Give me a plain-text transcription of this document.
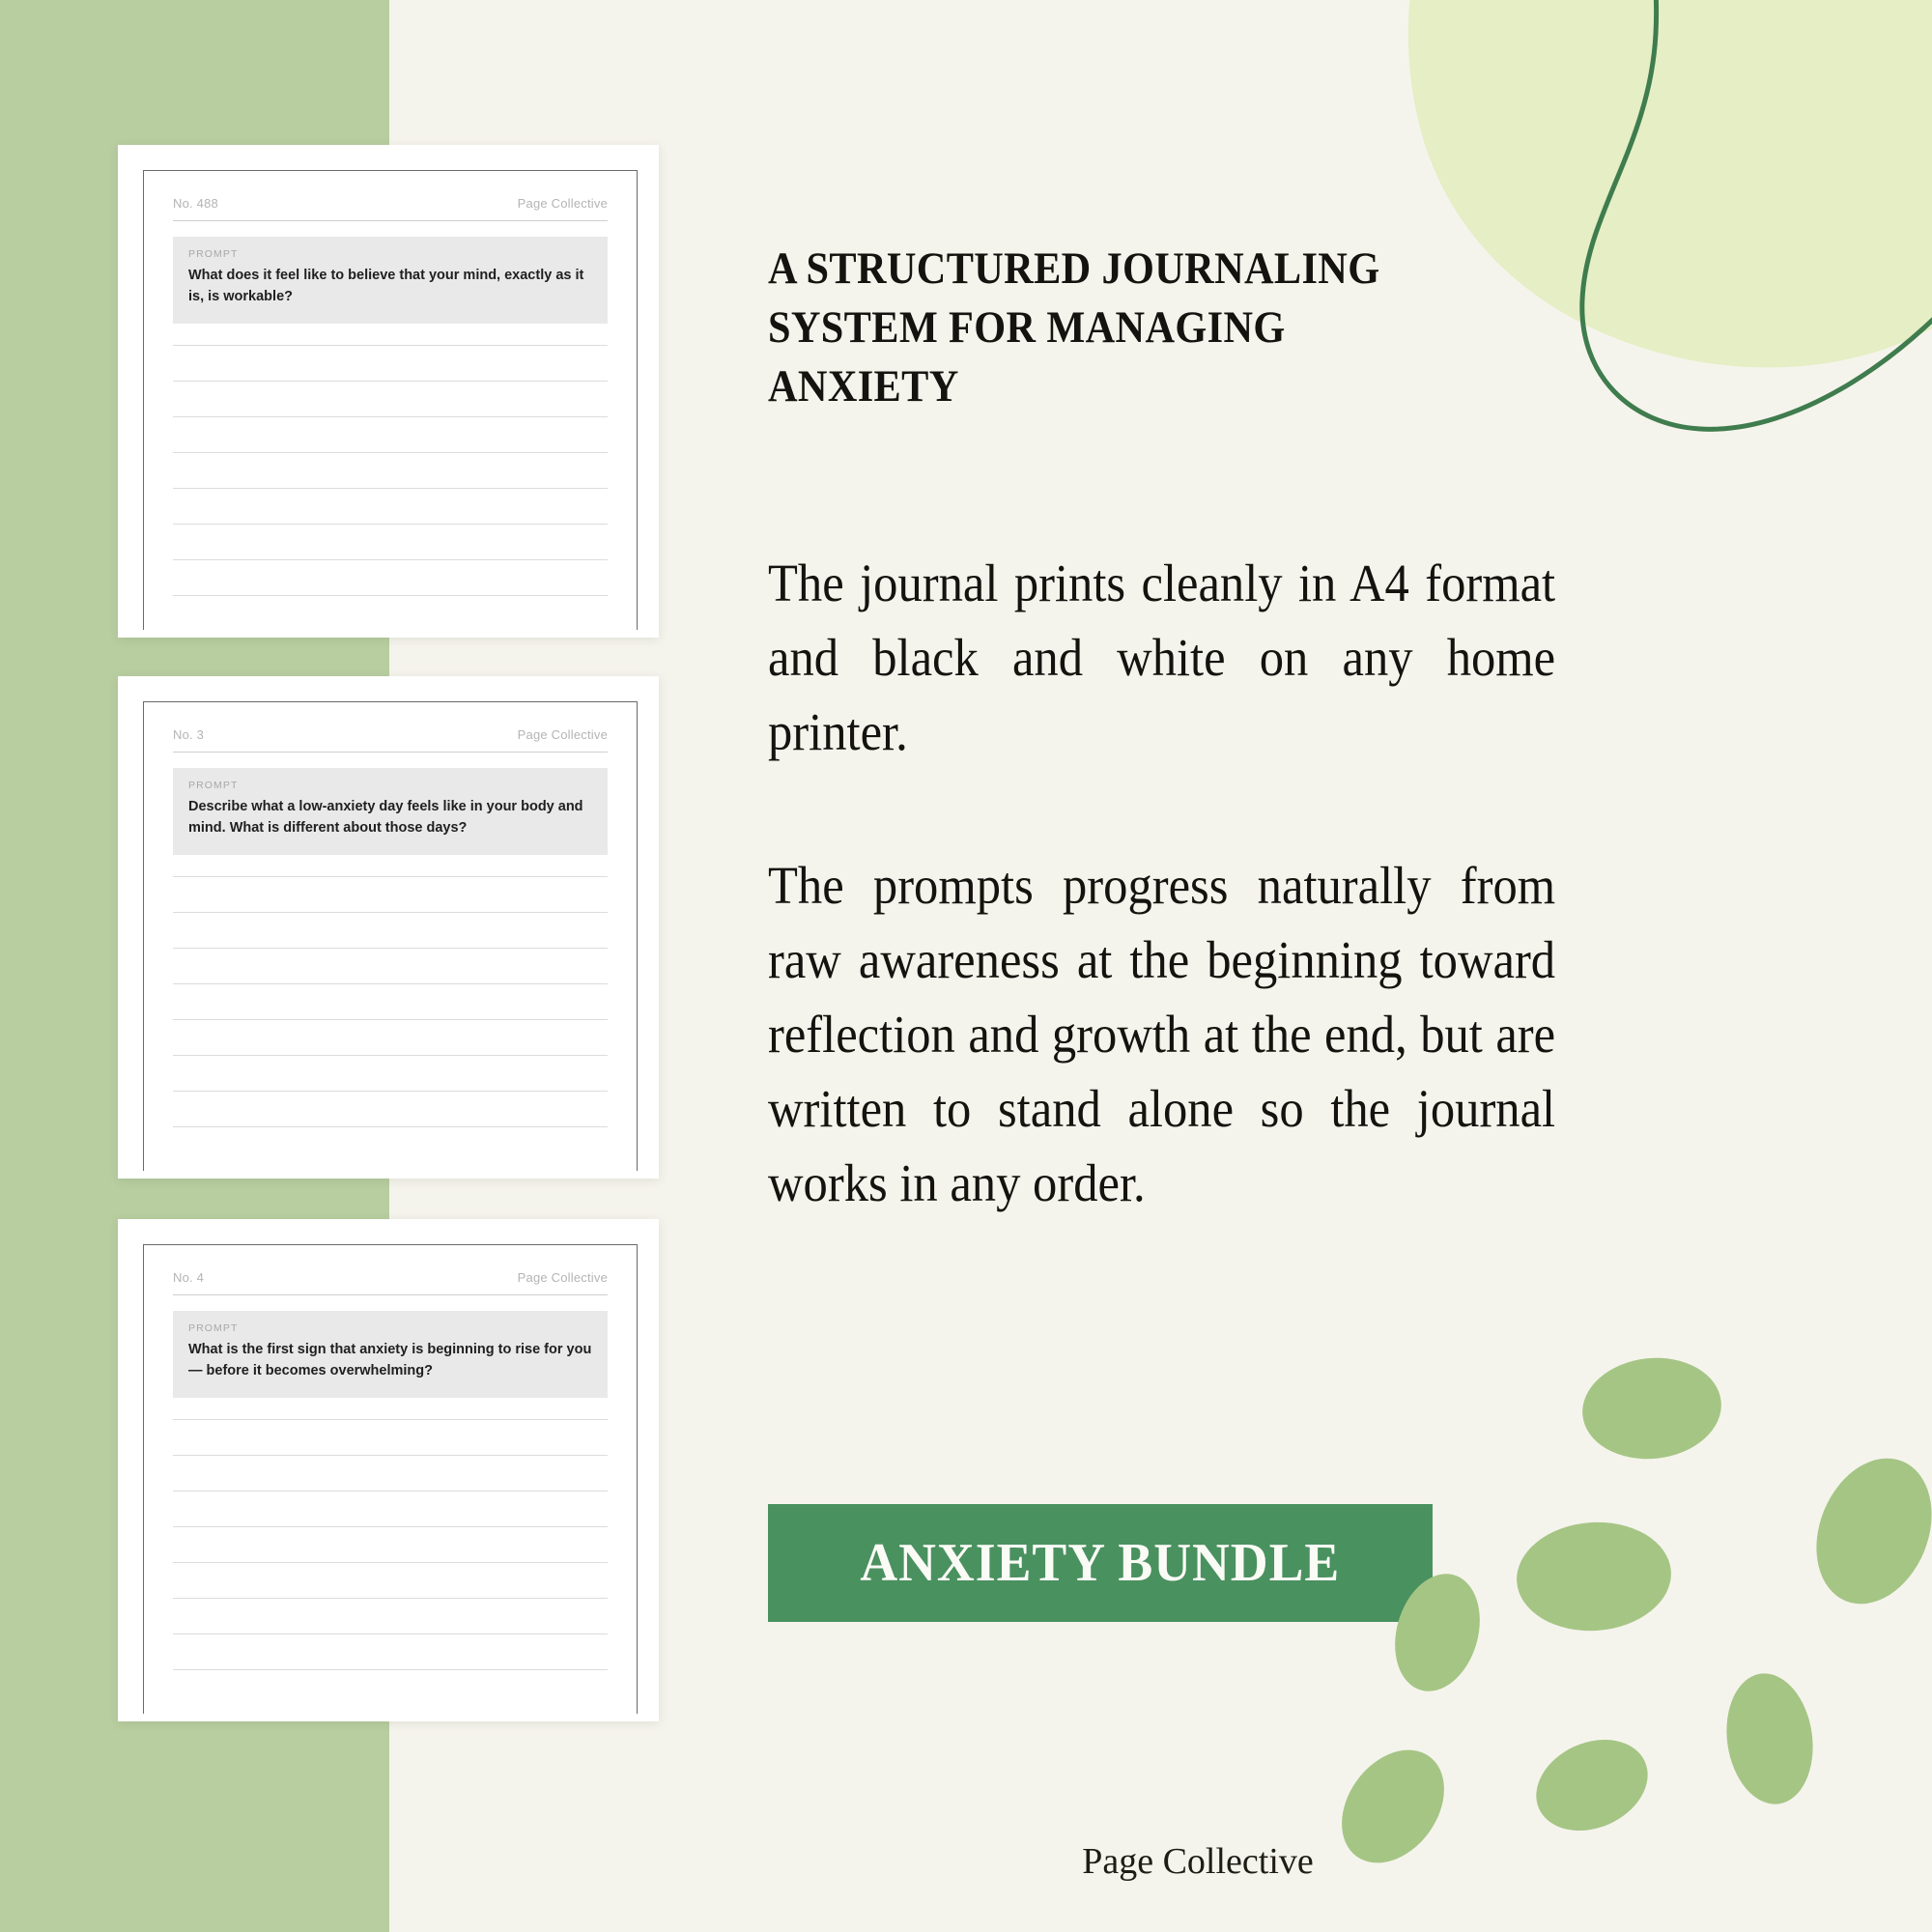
No. 488	Page Collective
PROMPT
What does it feel like to believe that your mind, exactly as it is, is workable?
No. 3	Page Collective
PROMPT
Describe what a low-anxiety day feels like in your body and mind. What is different about those days?
No. 4	Page Collective
PROMPT
What is the first sign that anxiety is beginning to rise for you — before it becomes overwhelming?
A STRUCTURED JOURNALING
SYSTEM FOR MANAGING ANXIETY
The journal prints cleanly in A4 format and black and white on any home printer.
The prompts progress naturally from raw awareness at the beginning toward reflection and growth at the end, but are written to stand alone so the journal works in any order.
ANXIETY BUNDLE
Page Collective
